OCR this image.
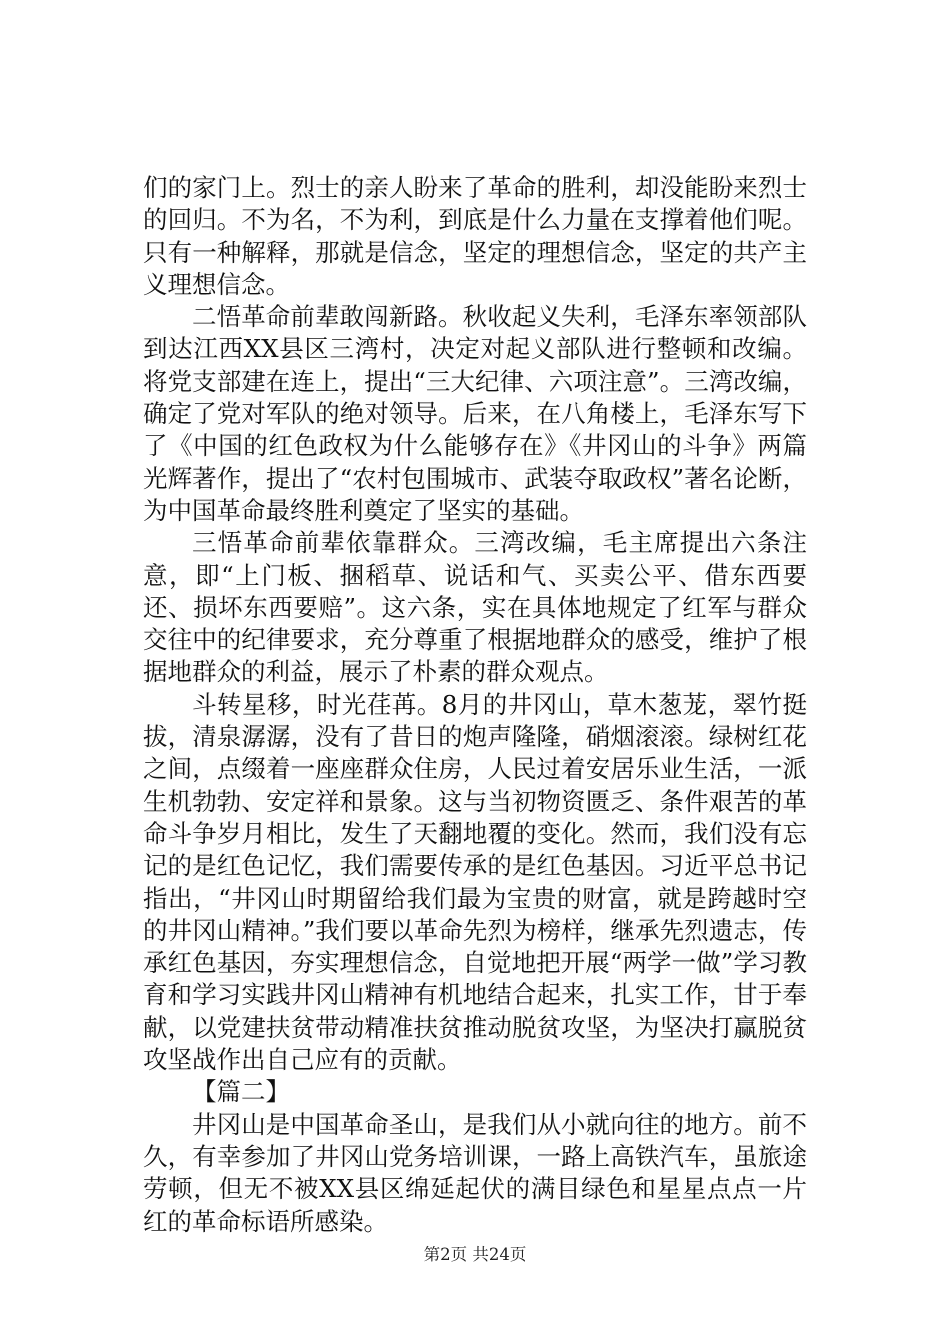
们的家门上。烈士的亲人盼来了革命的胜利，却没能盼来烈士的回归。不为名，不为利，到底是什么力量在支撑着他们呢。只有一种解释，那就是信念，坚定的理想信念，坚定的共产主义理想信念。

二悟革命前辈敢闯新路。秋收起义失利，毛泽东率领部队到达江西XX县区三湾村，决定对起义部队进行整顿和改编。将党支部建在连上，提出“三大纪律、六项注意”。三湾改编，确定了党对军队的绝对领导。后来，在八角楼上，毛泽东写下了《中国的红色政权为什么能够存在》《井冈山的斗争》两篇光辉著作，提出了“农村包围城市、武装夺取政权”著名论断，为中国革命最终胜利奠定了坚实的基础。

三悟革命前辈依靠群众。三湾改编，毛主席提出六条注意，即“上门板、捆稻草、说话和气、买卖公平、借东西要还、损坏东西要赔”。这六条，实在具体地规定了红军与群众交往中的纪律要求，充分尊重了根据地群众的感受，维护了根据地群众的利益，展示了朴素的群众观点。

斗转星移，时光荏苒。8月的井冈山，草木葱茏，翠竹挺拔，清泉潺潺，没有了昔日的炮声隆隆，硝烟滚滚。绿树红花之间，点缀着一座座群众住房，人民过着安居乐业生活，一派生机勃勃、安定祥和景象。这与当初物资匮乏、条件艰苦的革命斗争岁月相比，发生了天翻地覆的变化。然而，我们没有忘记的是红色记忆，我们需要传承的是红色基因。习近平总书记指出，“井冈山时期留给我们最为宝贵的财富，就是跨越时空的井冈山精神。”我们要以革命先烈为榜样，继承先烈遗志，传承红色基因，夯实理想信念，自觉地把开展“两学一做”学习教育和学习实践井冈山精神有机地结合起来，扎实工作，甘于奉献，以党建扶贫带动精准扶贫推动脱贫攻坚，为坚决打赢脱贫攻坚战作出自己应有的贡献。

【篇二】

井冈山是中国革命圣山，是我们从小就向往的地方。前不久，有幸参加了井冈山党务培训课，一路上高铁汽车，虽旅途劳顿，但无不被XX县区绵延起伏的满目绿色和星星点点一片红的革命标语所感染。

第2页 共24页
